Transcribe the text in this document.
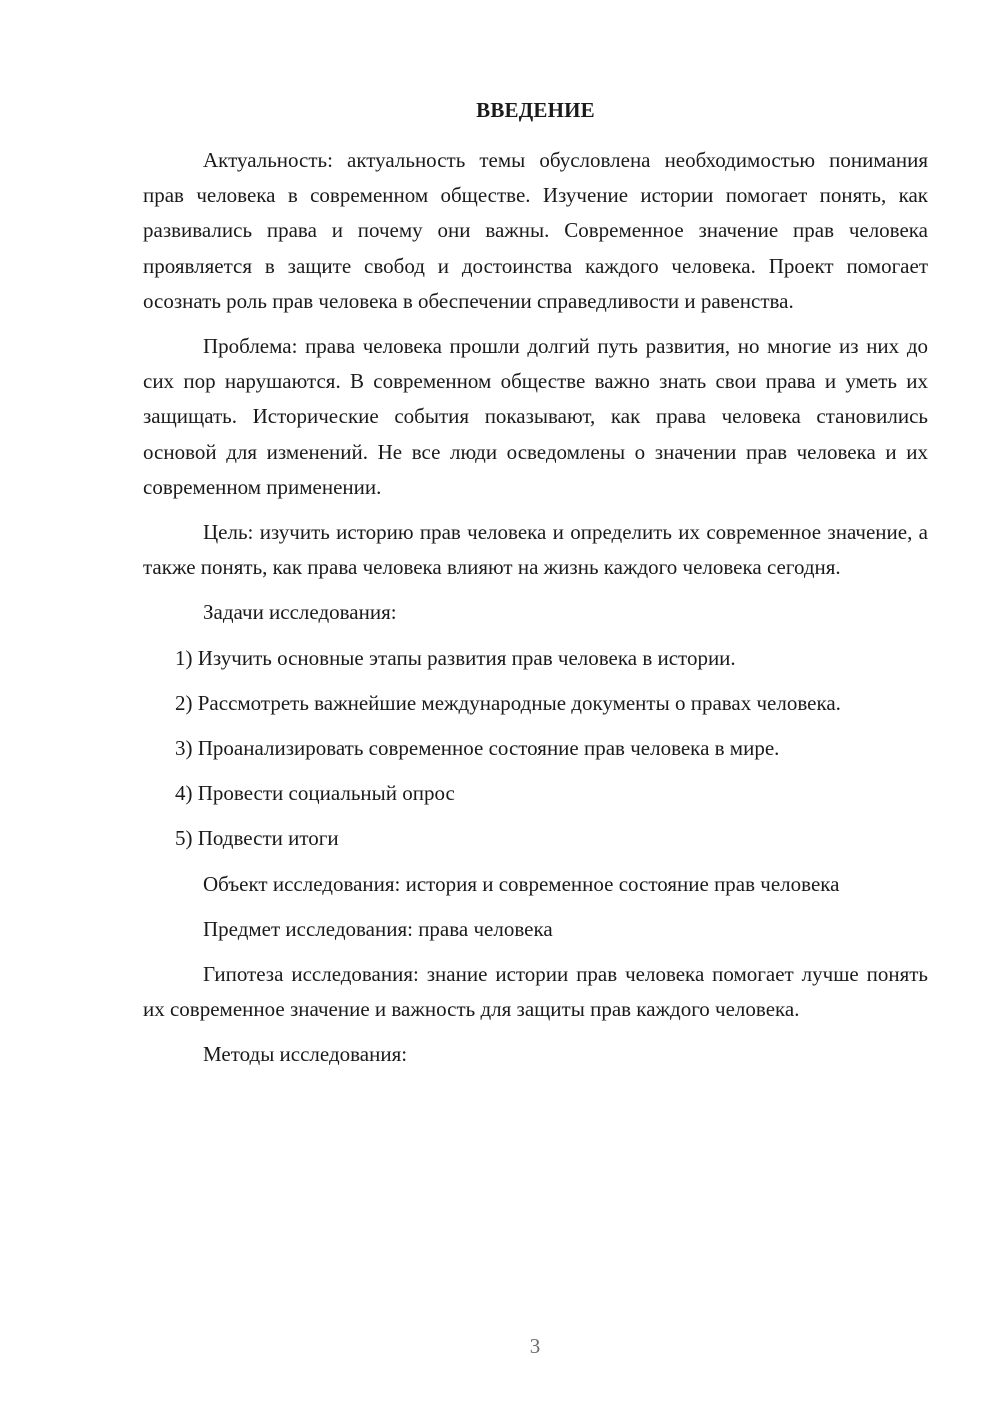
ВВЕДЕНИЕ

Актуальность: актуальность темы обусловлена необходимостью понимания прав человека в современном обществе. Изучение истории помогает понять, как развивались права и почему они важны. Современное значение прав человека проявляется в защите свобод и достоинства каждого человека. Проект помогает осознать роль прав человека в обеспечении справедливости и равенства.

Проблема: права человека прошли долгий путь развития, но многие из них до сих пор нарушаются. В современном обществе важно знать свои права и уметь их защищать. Исторические события показывают, как права человека становились основой для изменений. Не все люди осведомлены о значении прав человека и их современном применении.

Цель: изучить историю прав человека и определить их современное значение, а также понять, как права человека влияют на жизнь каждого человека сегодня.

Задачи исследования:

1) Изучить основные этапы развития прав человека в истории.

2) Рассмотреть важнейшие международные документы о правах человека.

3) Проанализировать современное состояние прав человека в мире.

4) Провести социальный опрос

5) Подвести итоги

Объект исследования: история и современное состояние прав человека

Предмет исследования: права человека

Гипотеза исследования: знание истории прав человека помогает лучше понять их современное значение и важность для защиты прав каждого человека.

Методы исследования:

3
